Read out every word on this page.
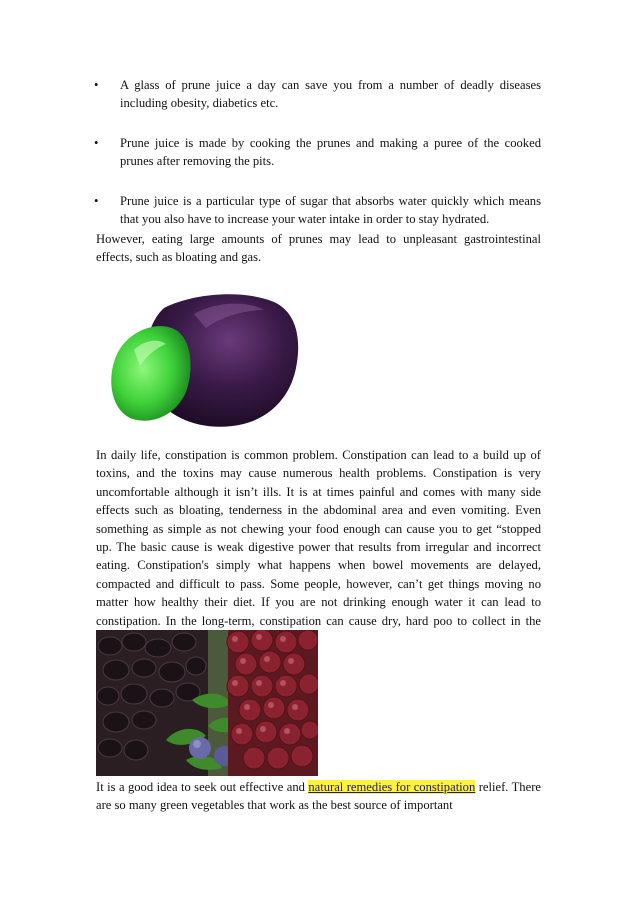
• A glass of prune juice a day can save you from a number of deadly diseases including obesity, diabetics etc.
• Prune juice is made by cooking the prunes and making a puree of the cooked prunes after removing the pits.
• Prune juice is a particular type of sugar that absorbs water quickly which means that you also have to increase your water intake in order to stay hydrated.

However, eating large amounts of prunes may lead to unpleasant gastrointestinal effects, such as bloating and gas.

In daily life, constipation is common problem. Constipation can lead to a build up of toxins, and the toxins may cause numerous health problems. Constipation is very uncomfortable although it isn’t ills. It is at times painful and comes with many side effects such as bloating, tenderness in the abdominal area and even vomiting. Even something as simple as not chewing your food enough can cause you to get “stopped up. The basic cause is weak digestive power that results from irregular and incorrect eating. Constipation's simply what happens when bowel movements are delayed, compacted and difficult to pass. Some people, however, can’t get things moving no matter how healthy their diet. If you are not drinking enough water it can lead to constipation. In the long-term, constipation can cause dry, hard poo to collect in the

It is a good idea to seek out effective and natural remedies for constipation relief. There are so many green vegetables that work as the best source of important
